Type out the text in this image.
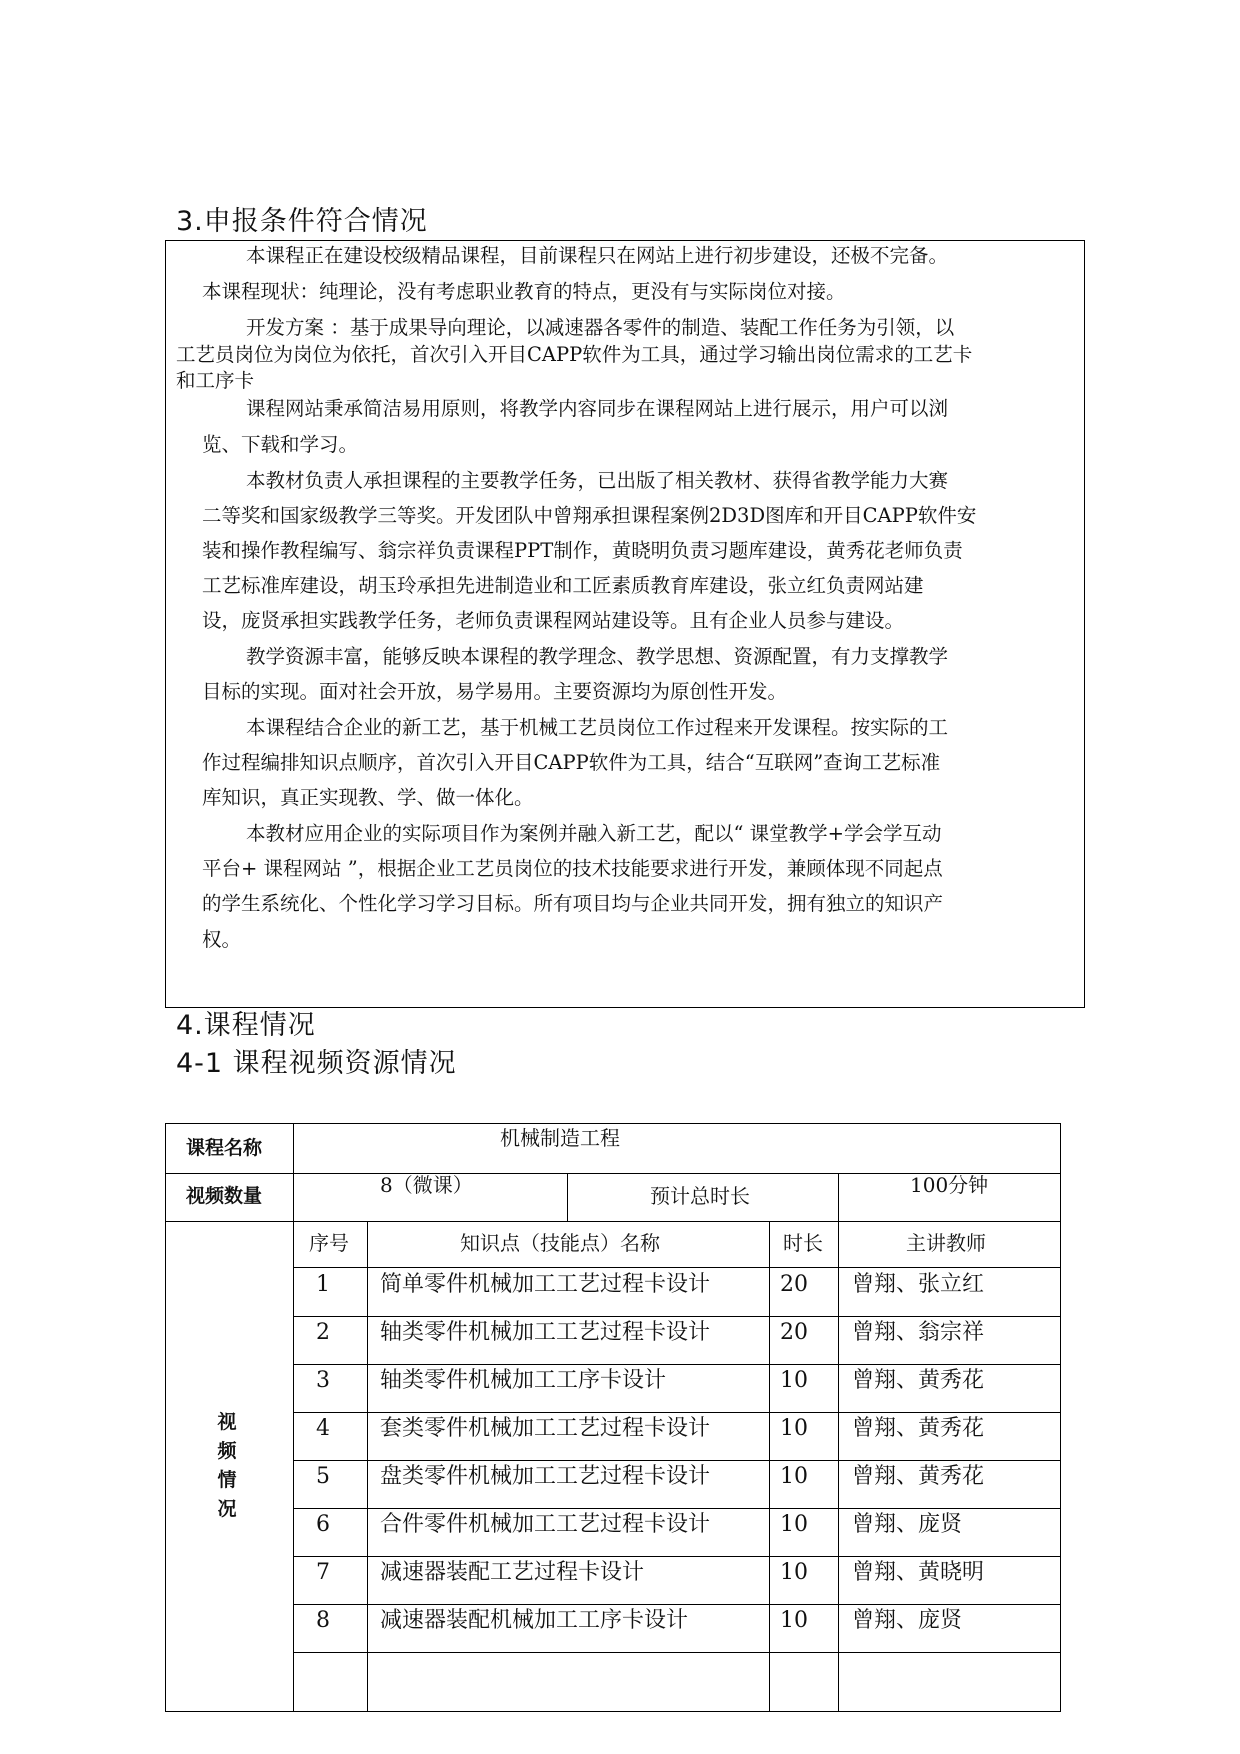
3.申报条件符合情况
本课程正在建设校级精品课程，目前课程只在网站上进行初步建设，还极不完备。
本课程现状：纯理论，没有考虑职业教育的特点，更没有与实际岗位对接。
开发方案 ：基于成果导向理论，以减速器各零件的制造、装配工作任务为引领，以
工艺员岗位为岗位为依托，首次引入开目CAPP软件为工具，通过学习输出岗位需求的工艺卡
和工序卡
课程网站秉承简洁易用原则，将教学内容同步在课程网站上进行展示，用户可以浏
览、下载和学习。
本教材负责人承担课程的主要教学任务，已出版了相关教材、获得省教学能力大赛
二等奖和国家级教学三等奖。开发团队中曾翔承担课程案例2D3D图库和开目CAPP软件安
装和操作教程编写、翁宗祥负责课程PPT制作，黄晓明负责习题库建设，黄秀花老师负责
工艺标准库建设，胡玉玲承担先进制造业和工匠素质教育库建设，张立红负责网站建
设，庞贤承担实践教学任务，老师负责课程网站建设等。且有企业人员参与建设。
教学资源丰富，能够反映本课程的教学理念、教学思想、资源配置，有力支撑教学
目标的实现。面对社会开放，易学易用。主要资源均为原创性开发。
本课程结合企业的新工艺，基于机械工艺员岗位工作过程来开发课程。按实际的工
作过程编排知识点顺序，首次引入开目CAPP软件为工具，结合“互联网”查询工艺标准
库知识，真正实现教、学、做一体化。
本教材应用企业的实际项目作为案例并融入新工艺，配以“ 课堂教学+学会学互动
平台+ 课程网站 ”，根据企业工艺员岗位的技术技能要求进行开发，兼顾体现不同起点
的学生系统化、个性化学习学习目标。所有项目均与企业共同开发，拥有独立的知识产
权。
4.课程情况
4-1 课程视频资源情况
课程名称	机械制造工程
视频数量	8（微课）	预计总时长	100分钟
视
频
情
况
序号	知识点（技能点）名称	时长	主讲教师
1 简单零件机械加工工艺过程卡设计	20 曾翔、张立红
2 轴类零件机械加工工艺过程卡设计	20 曾翔、翁宗祥
3 轴类零件机械加工工序卡设计	10 曾翔、黄秀花
4 套类零件机械加工工艺过程卡设计	10 曾翔、黄秀花
5 盘类零件机械加工工艺过程卡设计	10 曾翔、黄秀花
6 合件零件机械加工工艺过程卡设计	10 曾翔、庞贤
7 减速器装配工艺过程卡设计	10 曾翔、黄晓明
8 减速器装配机械加工工序卡设计	10 曾翔、庞贤
